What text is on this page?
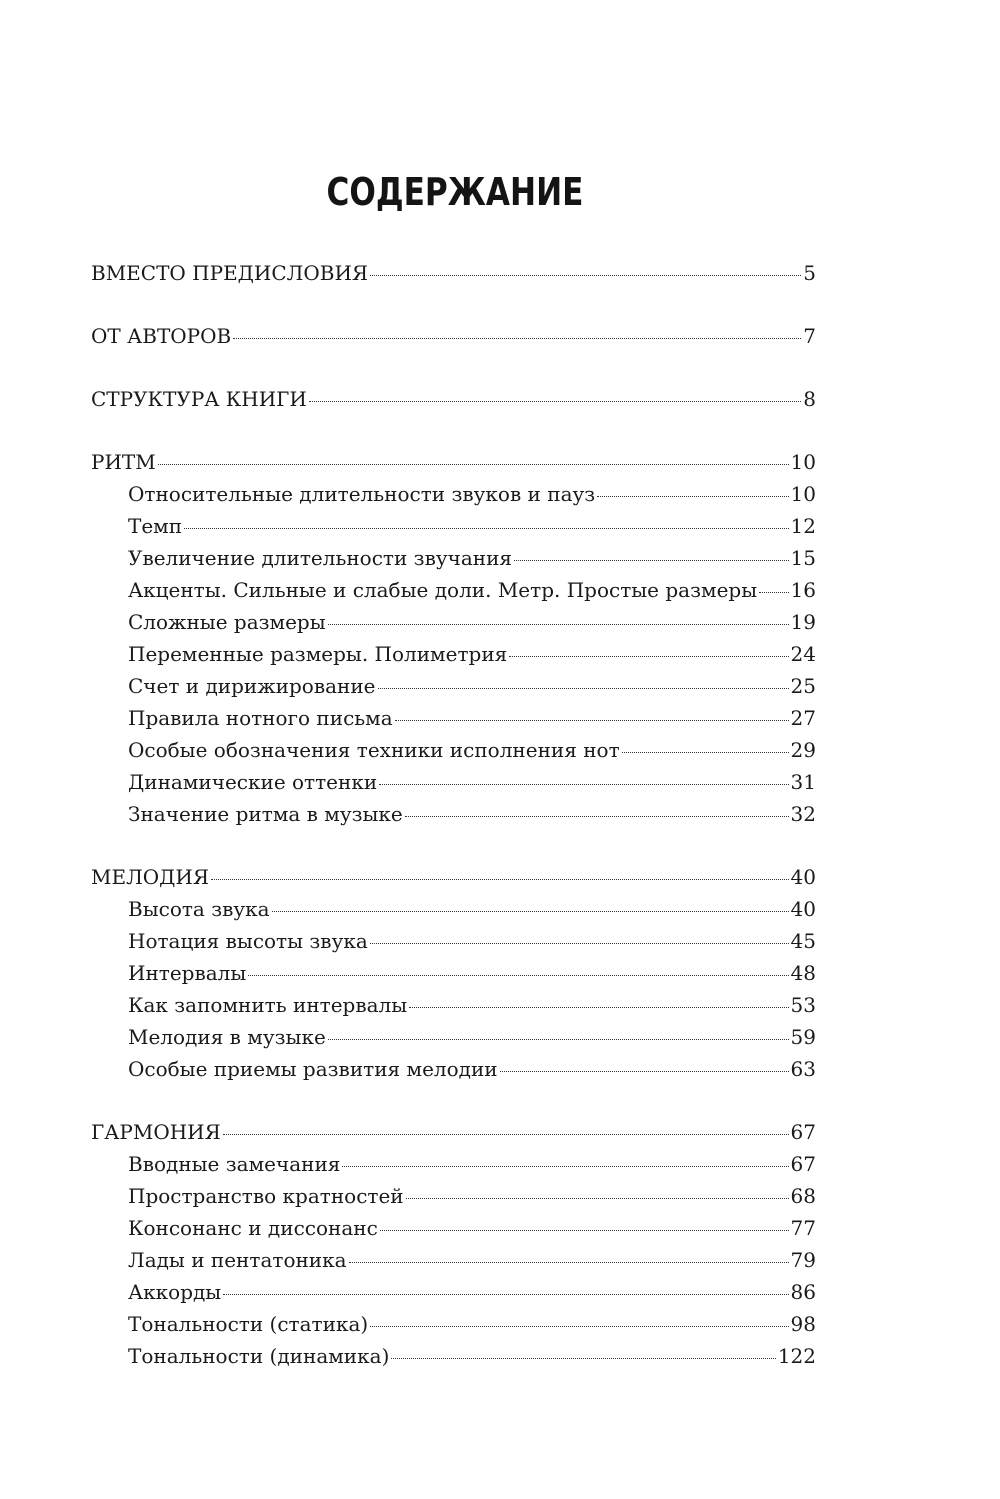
СОДЕРЖАНИЕ
ВМЕСТО ПРЕДИСЛОВИЯ	5
ОТ АВТОРОВ	7
СТРУКТУРА КНИГИ	8
РИТМ	10
Относительные длительности звуков и пауз	10
Темп	12
Увеличение длительности звучания	15
Акценты. Сильные и слабые доли. Метр. Простые размеры 16
Сложные размеры	19
Переменные размеры. Полиметрия	24
Счет и дирижирование	25
Правила нотного письма	27
Особые обозначения техники исполнения нот	29
Динамические оттенки	31
Значение ритма в музыке	32
МЕЛОДИЯ	40
Высота звука	40
Нотация высоты звука	45
Интервалы	48
Как запомнить интервалы	53
Мелодия в музыке	59
Особые приемы развития мелодии	63
ГАРМОНИЯ	67
Вводные замечания	67
Пространство кратностей	68
Консонанс и диссонанс	77
Лады и пентатоника	79
Аккорды	86
Тональности (статика)	98
Тональности (динамика)	122
